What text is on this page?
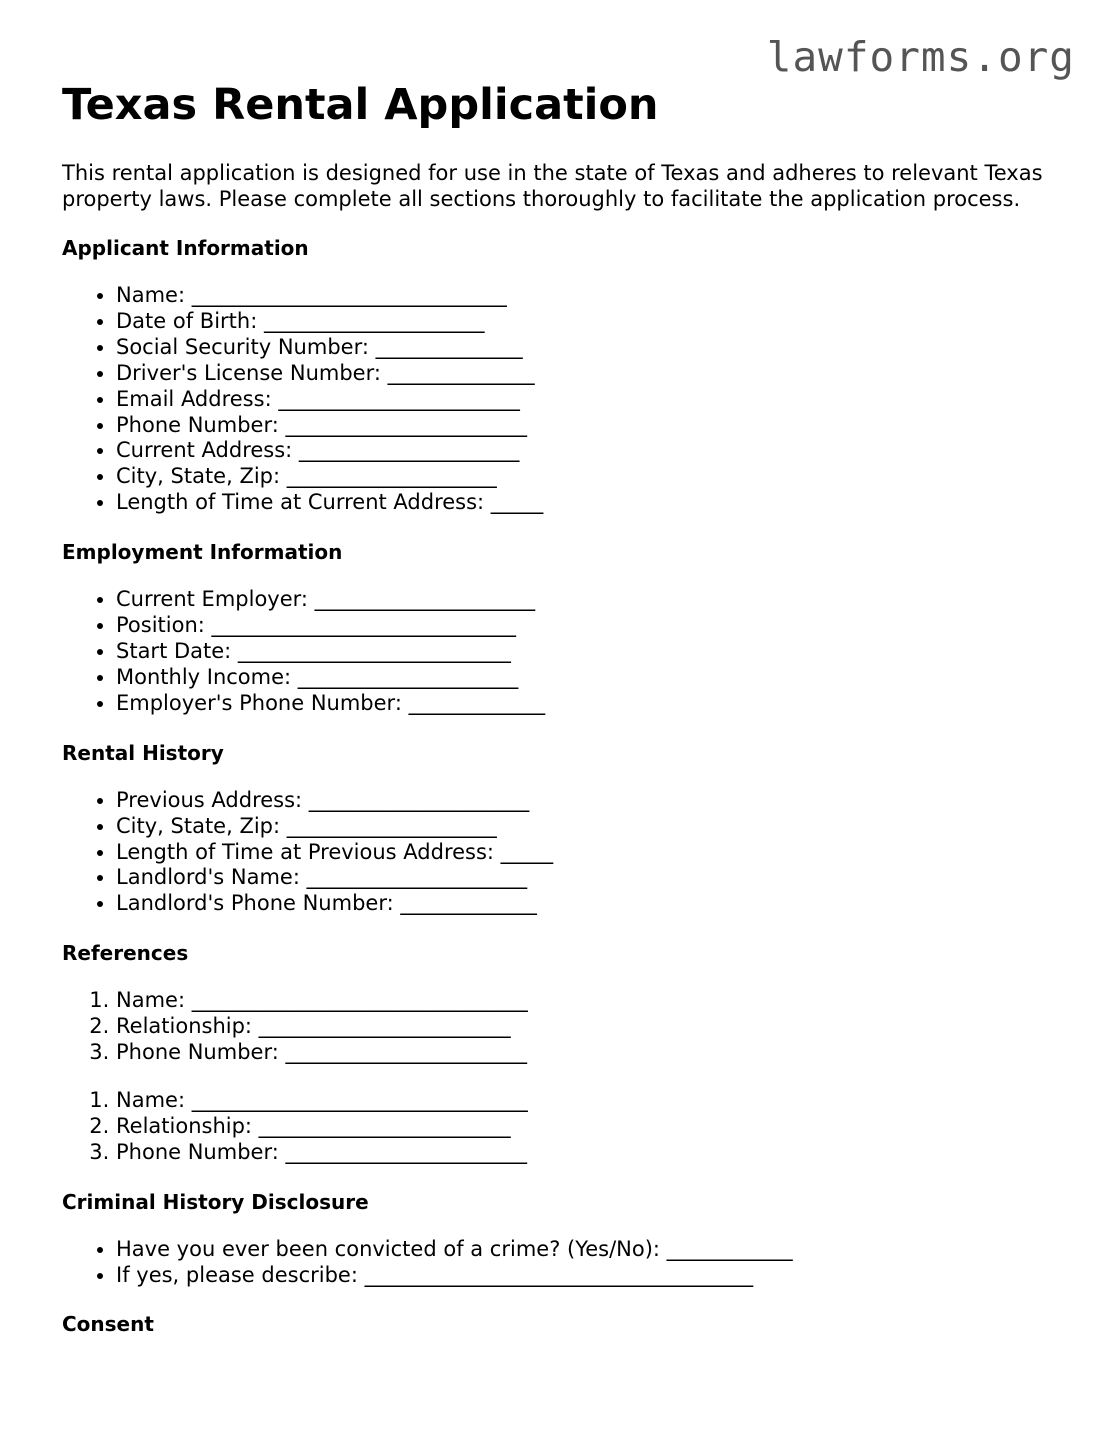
lawforms.org
Texas Rental Application

This rental application is designed for use in the state of Texas and adheres to relevant Texas property laws. Please complete all sections thoroughly to facilitate the application process.

Applicant Information
• Name: ______________________________
• Date of Birth: _____________________
• Social Security Number: ______________
• Driver's License Number: ______________
• Email Address: _______________________
• Phone Number: _______________________
• Current Address: _____________________
• City, State, Zip: ____________________
• Length of Time at Current Address: _____
Employment Information
• Current Employer: _____________________
• Position: _____________________________
• Start Date: __________________________
• Monthly Income: _____________________
• Employer's Phone Number: _____________
Rental History
• Previous Address: _____________________
• City, State, Zip: ____________________
• Length of Time at Previous Address: _____
• Landlord's Name: _____________________
• Landlord's Phone Number: _____________
References
1. Name: ________________________________
2. Relationship: ________________________
3. Phone Number: _______________________
1. Name: ________________________________
2. Relationship: ________________________
3. Phone Number: _______________________
Criminal History Disclosure
• Have you ever been convicted of a crime? (Yes/No): ____________
• If yes, please describe: _____________________________________
Consent
